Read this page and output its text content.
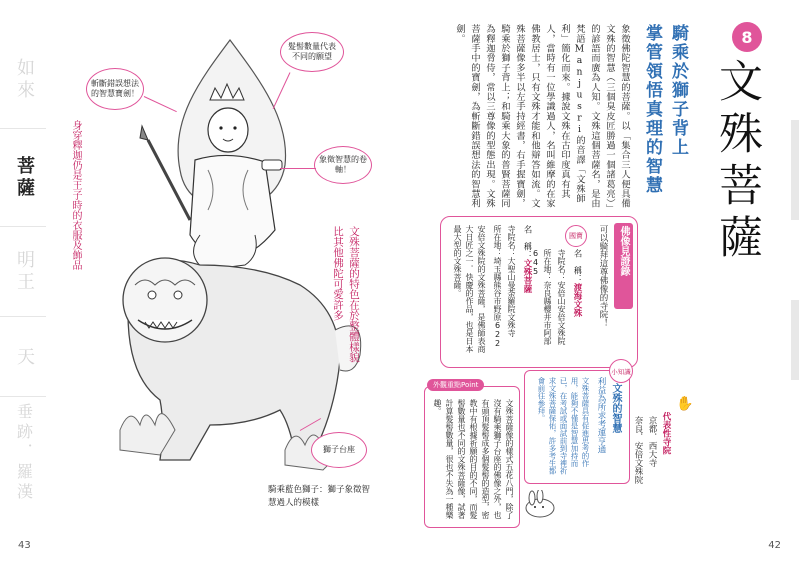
如來
菩薩
明王
天
垂跡．羅漢
髮髻數量代表不同的願望
斬斷錯誤想法的智慧寶劍！
象徵智慧的卷軸！
獅子台座
身穿釋迦仍是王子時的衣服及飾品
文殊菩薩的特色在於整體樣貌比其他佛陀可愛許多
騎乘藍色獅子：獅子象徵智慧過人的模樣
43
8
文殊菩薩
騎乘於獅子背上
掌管領悟真理的智慧
象徵佛陀智慧的菩薩。以「集合三人便具備文殊的智慧（三個臭皮匠勝過一個諸葛亮）」的諺語而廣為人知。文殊這個菩薩名，是由梵語Manjusri的音譯「文殊師利」簡化而來。據說文殊在古印度真有其人，當時有一位學識過人，名叫維摩的在家佛教居士，只有文殊才能和他辯答如流。文殊菩薩像多半以左手持經書，右手握寶劍，騎乘於獅子背上；和騎乘大象的普賢菩薩同為釋迦脅侍，常以三尊像的型態出現。文殊菩薩手中的寶劍，為斬斷錯誤想法的智慧利劍。
佛像見證錄
可以騎拜這尊佛像的寺院！
國寶
名　稱：渡海文殊
寺院名：安倍山安倍文殊院
所在地：奈良縣櫻井市阿部645
名　稱：文殊菩薩
寺院名：大聖山曼荼羅院文殊寺
所在地：埼玉縣熊谷市野原622
安倍文殊院的文殊菩薩，是佛師表商大日匠之一．快慶的作品，也是日本最大型的文殊菩薩。
✋
代表性寺院
京都．西大寺
奈良．安倍文殊院
小知識
文殊的智慧
利益為所求考運亨通
文殊菩薩具有促進思考的作用，能夠不僅是智慧加持而已，在考試或面試前到寺裡祈求文殊菩薩保佑，許多考生都會前往參拜。
外觀重點Point
文殊菩薩像的樣式五花八門，除了沒有騎乘獅子台座的佛像之外，也有頭頂髮髻成多個髮髻的造型，密教中有根據祈願的目的不同，而髮髻數量也不同的文殊菩薩像，試著計算髮髻數量，很也不失為一種樂趣。
42
